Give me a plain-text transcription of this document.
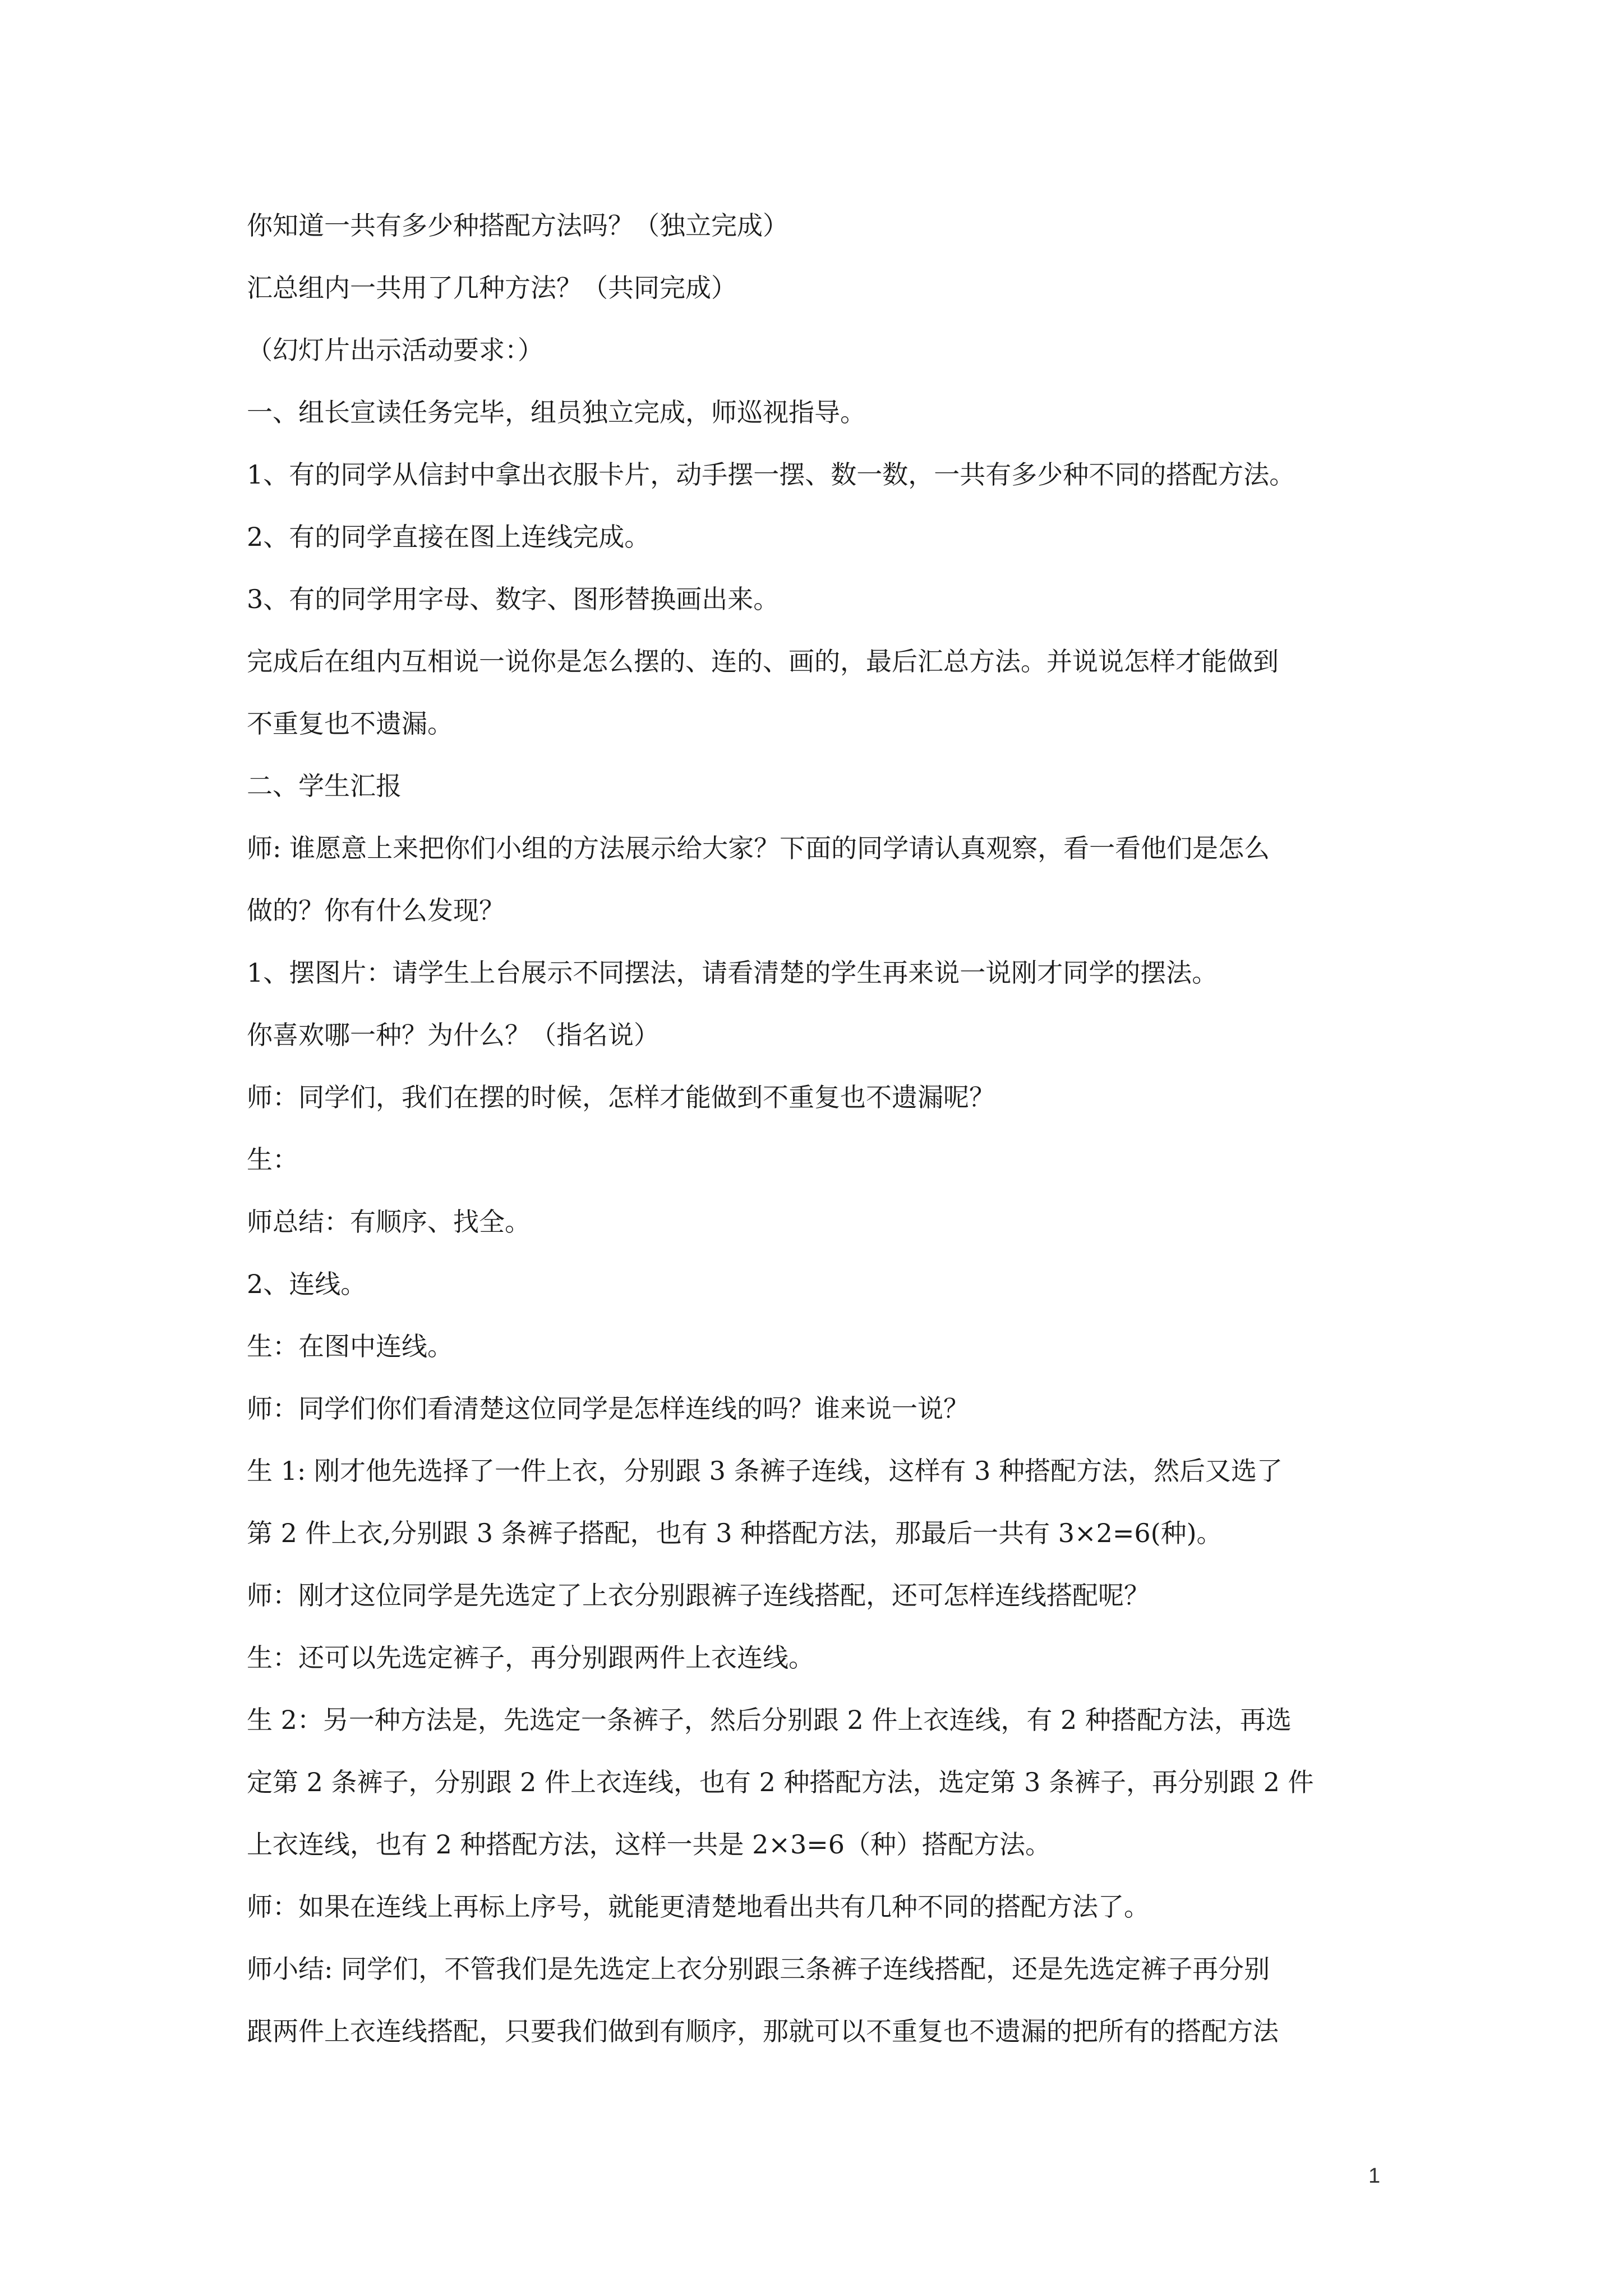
你知道一共有多少种搭配方法吗？（独立完成）

汇总组内一共用了几种方法？（共同完成）

（幻灯片出示活动要求：）

一、组长宣读任务完毕，组员独立完成，师巡视指导。

1、有的同学从信封中拿出衣服卡片，动手摆一摆、数一数，一共有多少种不同的搭配方法。

2、有的同学直接在图上连线完成。

3、有的同学用字母、数字、图形替换画出来。

完成后在组内互相说一说你是怎么摆的、连的、画的，最后汇总方法。并说说怎样才能做到

不重复也不遗漏。

二、学生汇报

师: 谁愿意上来把你们小组的方法展示给大家？下面的同学请认真观察，看一看他们是怎么

做的？你有什么发现？

1、摆图片：请学生上台展示不同摆法，请看清楚的学生再来说一说刚才同学的摆法。

你喜欢哪一种？为什么？（指名说）

师：同学们，我们在摆的时候，怎样才能做到不重复也不遗漏呢？

生：

师总结：有顺序、找全。

2、连线。

生：在图中连线。

师：同学们你们看清楚这位同学是怎样连线的吗？谁来说一说？

生 1: 刚才他先选择了一件上衣，分别跟 3 条裤子连线，这样有 3 种搭配方法，然后又选了

第 2 件上衣,分别跟 3 条裤子搭配，也有 3 种搭配方法，那最后一共有 3×2=6(种)。

师：刚才这位同学是先选定了上衣分别跟裤子连线搭配，还可怎样连线搭配呢？

生：还可以先选定裤子，再分别跟两件上衣连线。

生 2：另一种方法是，先选定一条裤子，然后分别跟 2 件上衣连线，有 2 种搭配方法，再选

定第 2 条裤子，分别跟 2 件上衣连线，也有 2 种搭配方法，选定第 3 条裤子，再分别跟 2 件

上衣连线，也有 2 种搭配方法，这样一共是 2×3=6（种）搭配方法。

师：如果在连线上再标上序号，就能更清楚地看出共有几种不同的搭配方法了。

师小结: 同学们，不管我们是先选定上衣分别跟三条裤子连线搭配，还是先选定裤子再分别

跟两件上衣连线搭配，只要我们做到有顺序，那就可以不重复也不遗漏的把所有的搭配方法

1
